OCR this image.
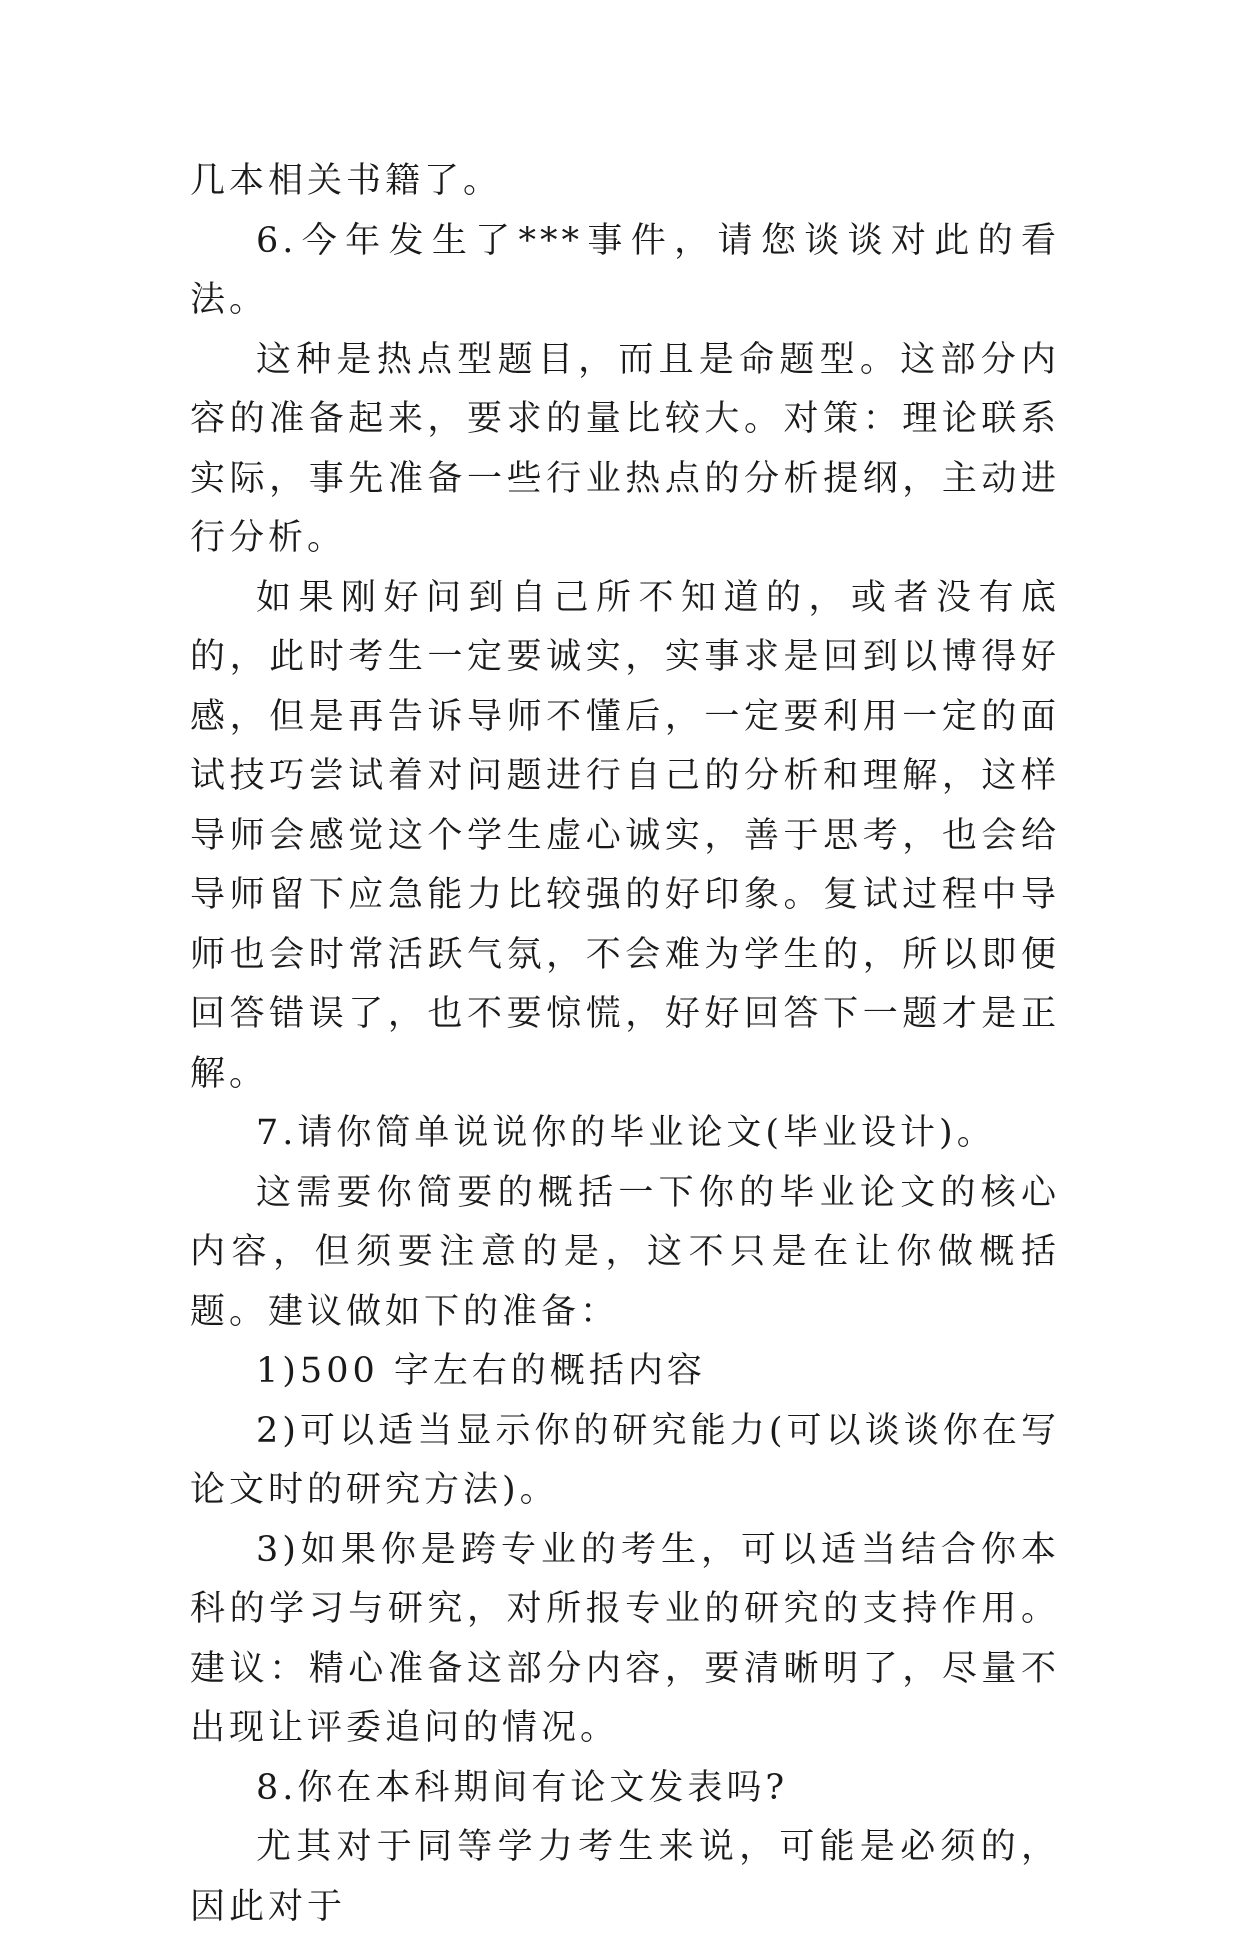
几本相关书籍了。

6.今年发生了***事件，请您谈谈对此的看法。

这种是热点型题目，而且是命题型。这部分内容的准备起来，要求的量比较大。对策：理论联系实际，事先准备一些行业热点的分析提纲，主动进行分析。

如果刚好问到自己所不知道的，或者没有底的，此时考生一定要诚实，实事求是回到以博得好感，但是再告诉导师不懂后，一定要利用一定的面试技巧尝试着对问题进行自己的分析和理解，这样导师会感觉这个学生虚心诚实，善于思考，也会给导师留下应急能力比较强的好印象。复试过程中导师也会时常活跃气氛，不会难为学生的，所以即便回答错误了，也不要惊慌，好好回答下一题才是正解。

7.请你简单说说你的毕业论文(毕业设计)。

这需要你简要的概括一下你的毕业论文的核心内容，但须要注意的是，这不只是在让你做概括题。建议做如下的准备：

1)500 字左右的概括内容

2)可以适当显示你的研究能力(可以谈谈你在写论文时的研究方法)。

3)如果你是跨专业的考生，可以适当结合你本科的学习与研究，对所报专业的研究的支持作用。 建议：精心准备这部分内容，要清晰明了，尽量不出现让评委追问的情况。

8.你在本科期间有论文发表吗?

尤其对于同等学力考生来说，可能是必须的，因此对于
